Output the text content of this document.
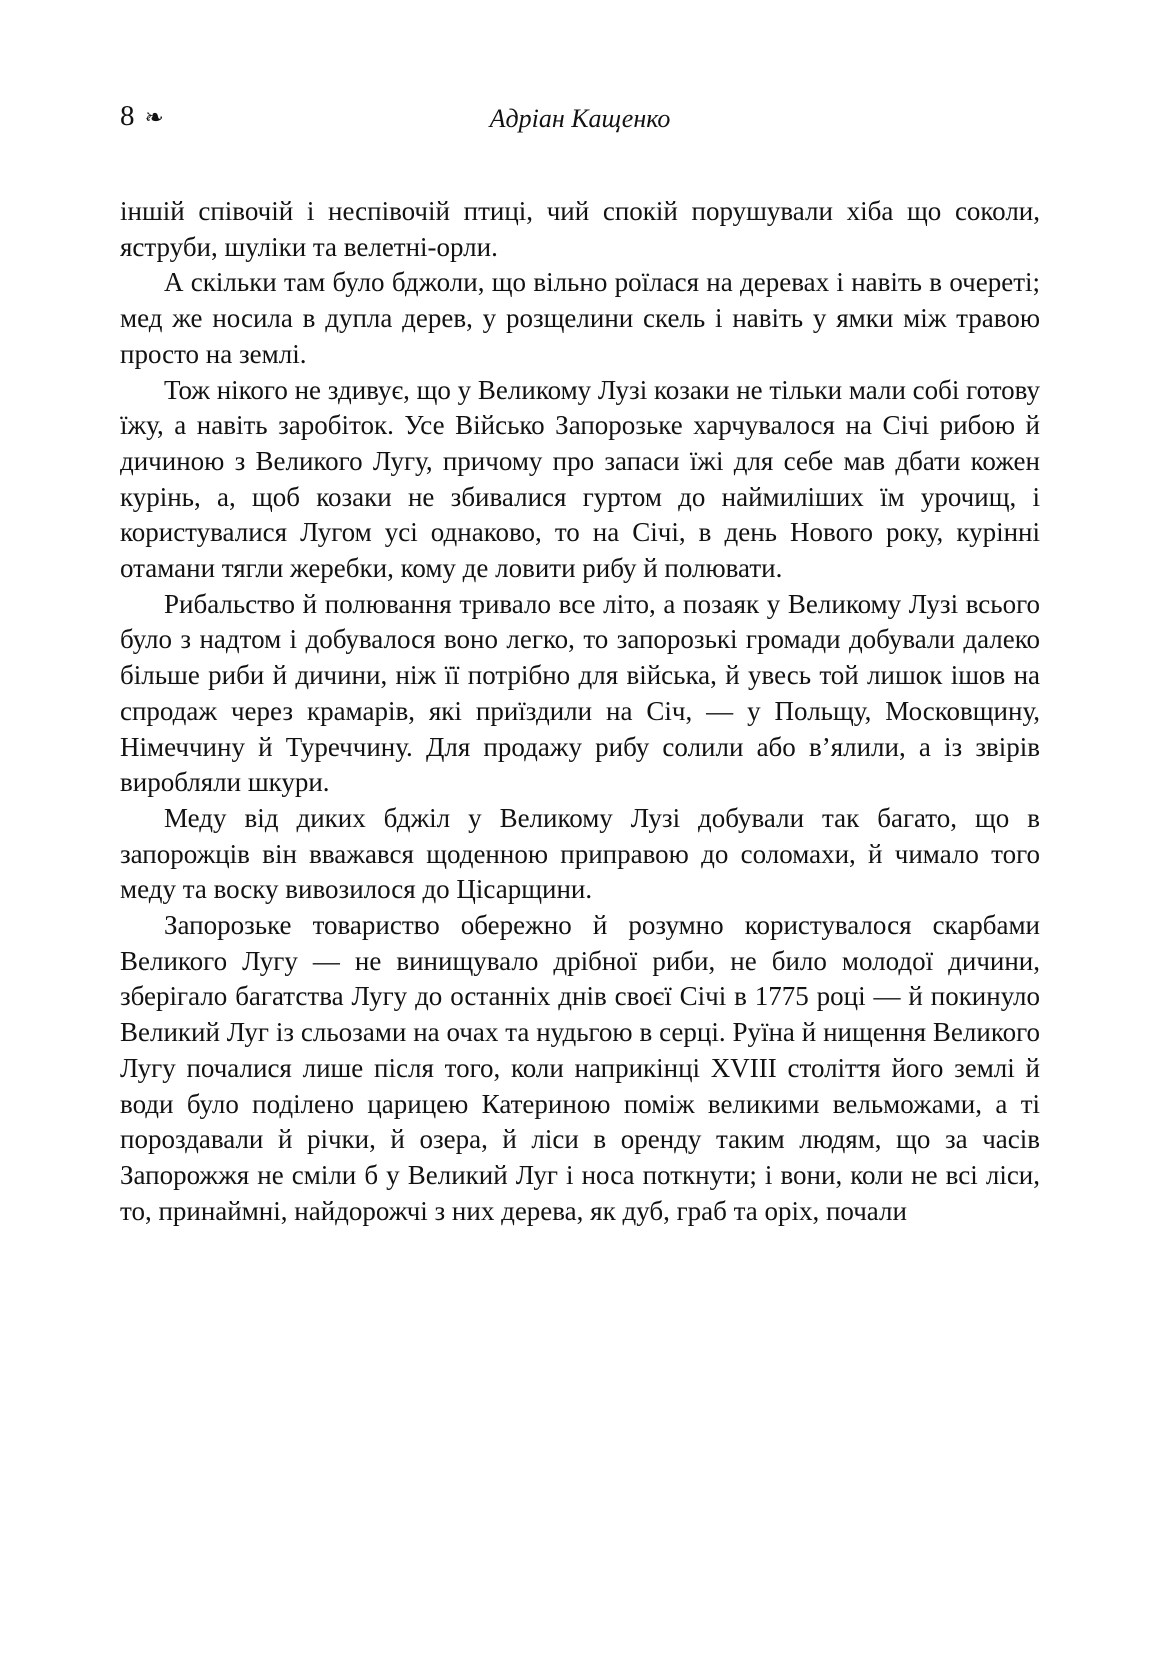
8 ❧	Адріан Кащенко

іншій співочій і неспівочій птиці, чий спокій порушували хіба що соколи, яструби, шуліки та велетні-орли.

А скільки там було бджоли, що вільно роїлася на деревах і навіть в очереті; мед же носила в дупла дерев, у розщелини скель і навіть у ямки між травою просто на землі.

Тож нікого не здивує, що у Великому Лузі козаки не тільки мали собі готову їжу, а навіть заробіток. Усе Військо Запорозьке харчувалося на Січі рибою й дичиною з Великого Лугу, причому про запаси їжі для себе мав дбати кожен курінь, а, щоб козаки не збивалися гуртом до наймиліших їм урочищ, і користувалися Лугом усі однаково, то на Січі, в день Нового року, курінні отамани тягли жеребки, кому де ловити рибу й полювати.

Рибальство й полювання тривало все літо, а позаяк у Великому Лузі всього було з надтом і добувалося воно легко, то запорозькі громади добували далеко більше риби й дичини, ніж її потрібно для війська, й увесь той лишок ішов на спродаж через крамарів, які приїздили на Січ, — у Польщу, Московщину, Німеччину й Туреччину. Для продажу рибу солили або в’ялили, а із звірів виробляли шкури.

Меду від диких бджіл у Великому Лузі добували так багато, що в запорожців він вважався щоденною приправою до соломахи, й чимало того меду та воску вивозилося до Цісарщини.

Запорозьке товариство обережно й розумно користувалося скарбами Великого Лугу — не винищувало дрібної риби, не било молодої дичини, зберігало багатства Лугу до останніх днів своєї Січі в 1775 році — й покинуло Великий Луг із сльозами на очах та нудьгою в серці. Руїна й нищення Великого Лугу почалися лише після того, коли наприкінці XVIII століття його землі й води було поділено царицею Катериною поміж великими вельможами, а ті пороздавали й річки, й озера, й ліси в оренду таким людям, що за часів Запорожжя не сміли б у Великий Луг і носа поткнути; і вони, коли не всі ліси, то, принаймні, найдорожчі з них дерева, як дуб, граб та оріх, почали
